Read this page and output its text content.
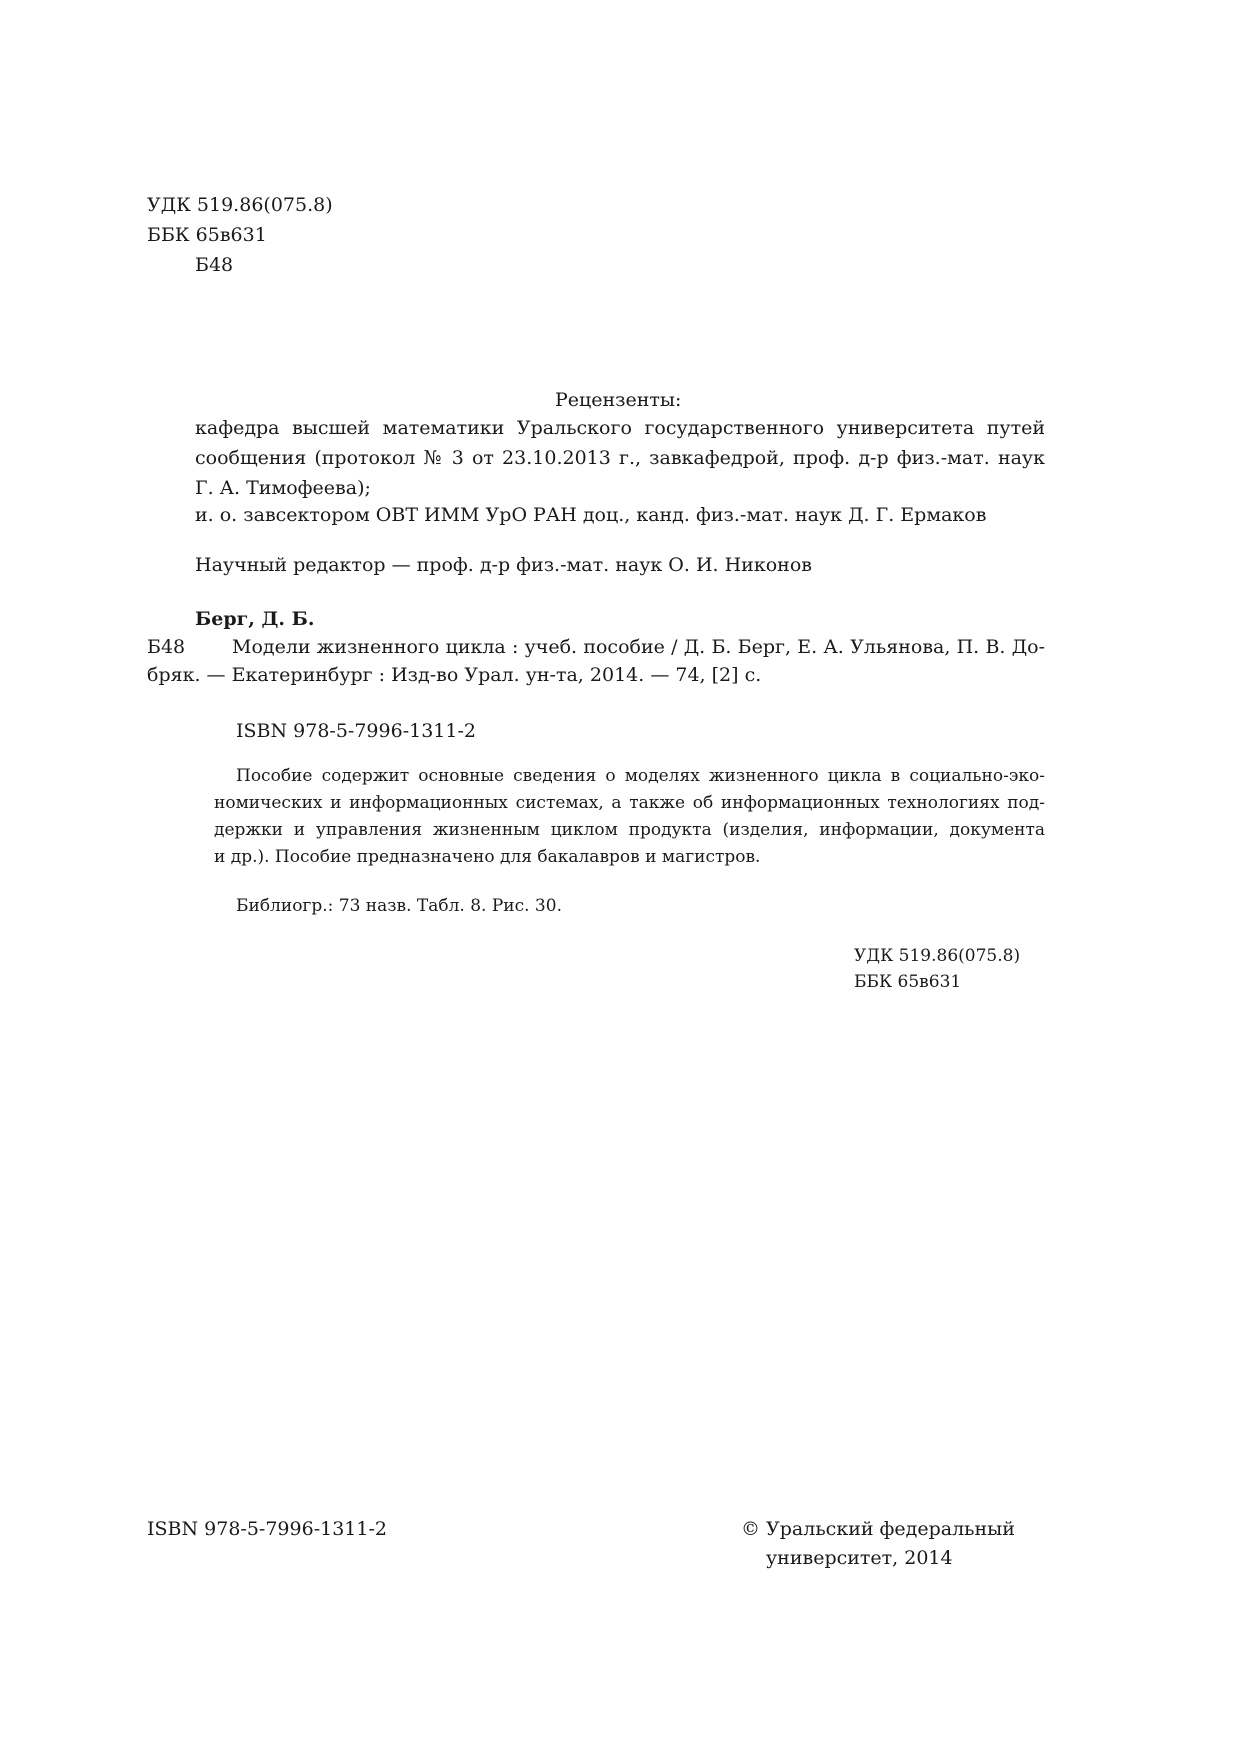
УДК 519.86(075.8)
ББК 65в631
Б48
Рецензенты:
кафедра высшей математики Уральского государственного университета путей
сообщения (протокол № 3 от 23.10.2013 г., завкафедрой, проф. д-р физ.-мат. наук
Г. А. Тимофеева);
и. о. завсектором ОВТ ИММ УрО РАН доц., канд. физ.-мат. наук Д. Г. Ермаков
Научный редактор — проф. д-р физ.-мат. наук О. И. Никонов
Берг, Д. Б.
Б48 Модели жизненного цикла : учеб. пособие / Д. Б. Берг, Е. А. Ульянова, П. В. До-
бряк. — Екатеринбург : Изд-во Урал. ун-та, 2014. — 74, [2] с.
ISBN 978-5-7996-1311-2
Пособие содержит основные сведения о моделях жизненного цикла в социально-эко-
номических и информационных системах, а также об информационных технологиях под-
держки и управления жизненным циклом продукта (изделия, информации, документа
и др.). Пособие предназначено для бакалавров и магистров.
Библиогр.: 73 назв. Табл. 8. Рис. 30.
УДК 519.86(075.8)
ББК 65в631
ISBN 978-5-7996-1311-2	© Уральский федеральный
университет, 2014
